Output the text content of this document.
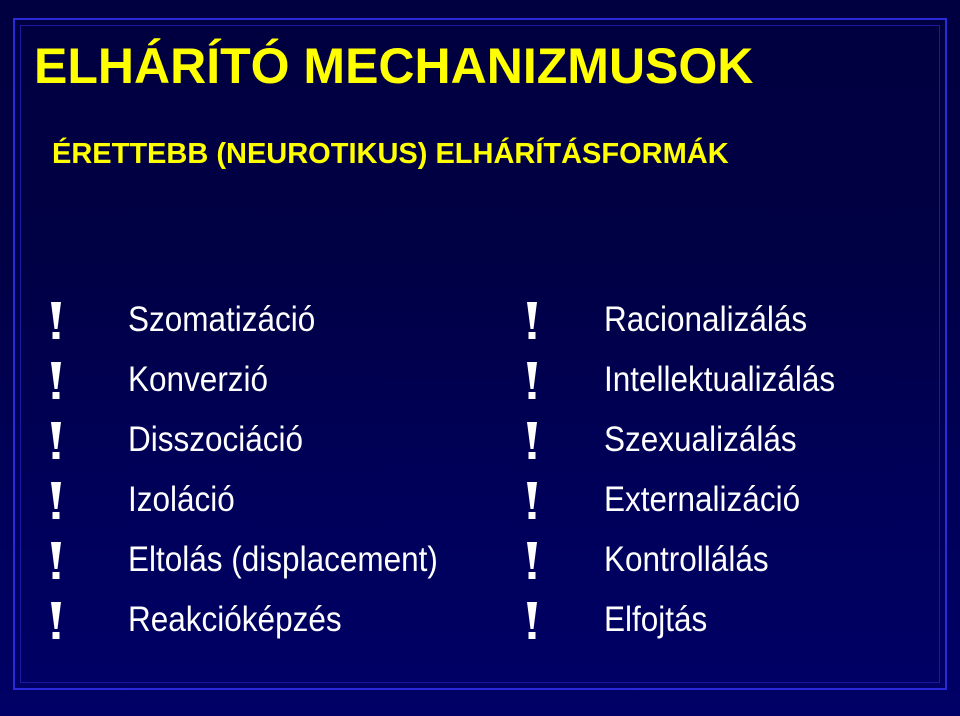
ELHÁRÍTÓ MECHANIZMUSOK
ÉRETTEBB (NEUROTIKUS) ELHÁRÍTÁSFORMÁK
Szomatizáció
Konverzió
Disszociáció
Izoláció
Eltolás (displacement)
Reakcióképzés
Racionalizálás
Intellektualizálás
Szexualizálás
Externalizáció
Kontrollálás
Elfojtás
